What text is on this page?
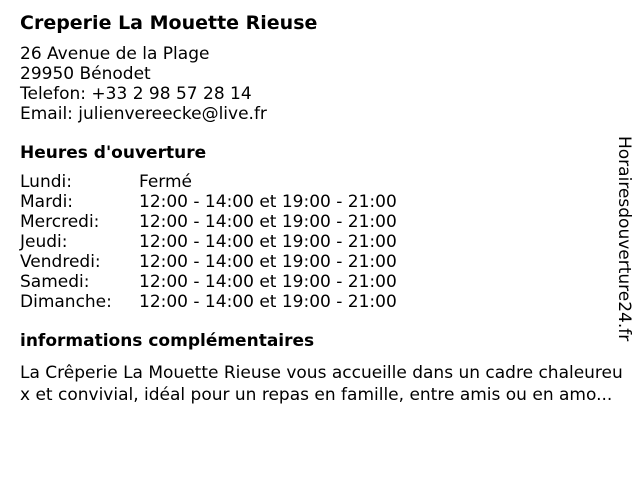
Creperie La Mouette Rieuse
26 Avenue de la Plage
29950 Bénodet
Telefon: +33 2 98 57 28 14
Email: julienvereecke@live.fr
Heures d'ouverture
Lundi:	Fermé
Mardi:	12:00 - 14:00 et 19:00 - 21:00
Mercredi:	12:00 - 14:00 et 19:00 - 21:00
Jeudi:	12:00 - 14:00 et 19:00 - 21:00
Vendredi:	12:00 - 14:00 et 19:00 - 21:00
Samedi:	12:00 - 14:00 et 19:00 - 21:00
Dimanche:	12:00 - 14:00 et 19:00 - 21:00
informations complémentaires
La Crêperie La Mouette Rieuse vous accueille dans un cadre chaleureux et convivial, idéal pour un repas en famille, entre amis ou en amo...
Horairesdouverture24.fr
